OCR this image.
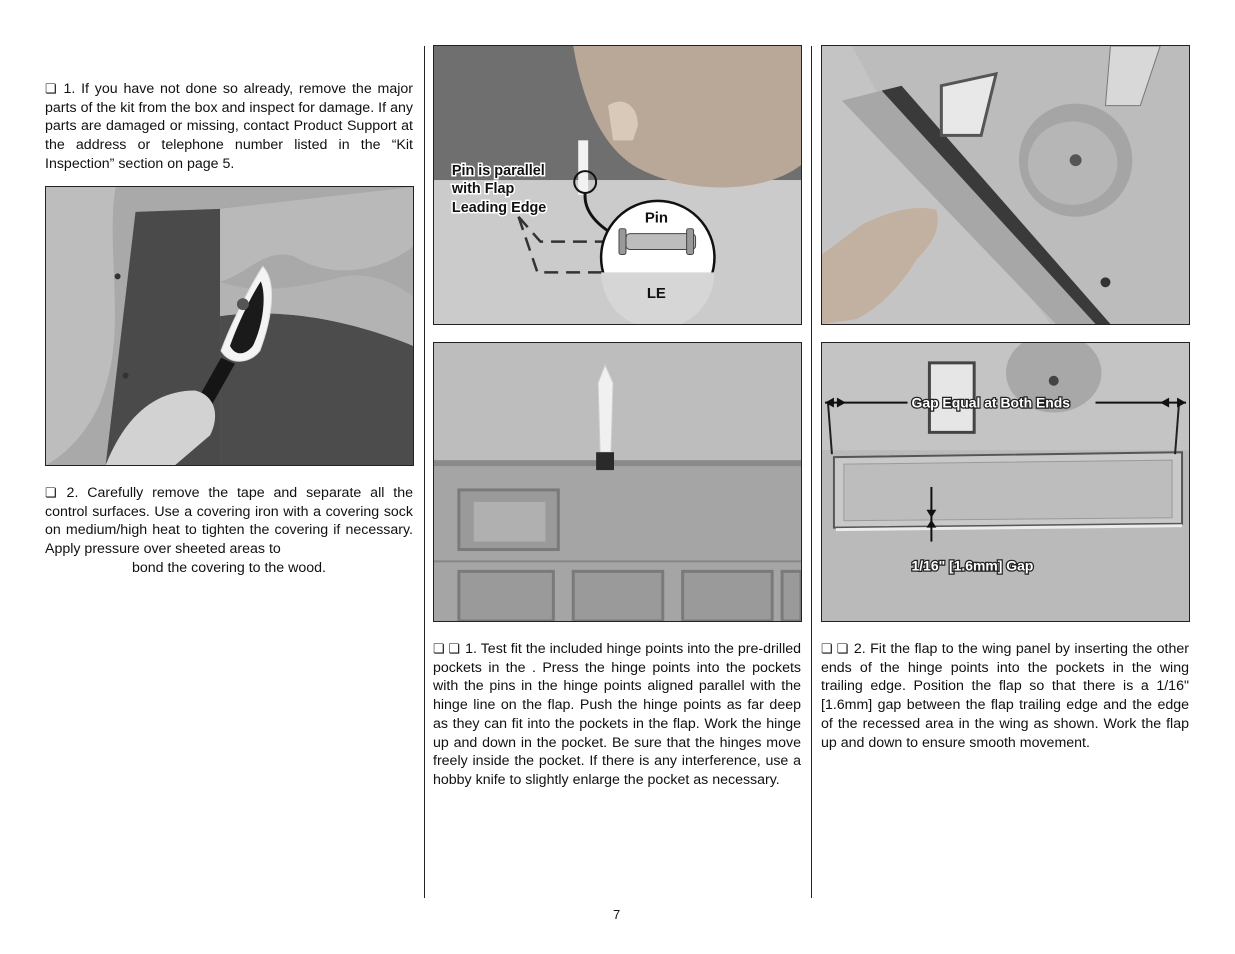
❏ 1. If you have not done so already, remove the major parts of the kit from the box and inspect for damage. If any parts are damaged or missing, contact Product Support at the address or telephone number listed in the “Kit Inspection” section on page 5.
❏ 2. Carefully remove the tape and separate all the control surfaces. Use a covering iron with a covering sock on medium/high heat to tighten the covering if necessary. Apply pressure over sheeted areas to
bond the covering to the wood.
Pin is parallel
with Flap
Leading Edge
Pin
LE
❏ ❏ 1. Test fit the included hinge points into the pre-drilled pockets in the . Press the hinge points into the pockets with the pins in the hinge points aligned parallel with the hinge line on the flap. Push the hinge points as far deep as they can fit into the pockets in the flap. Work the hinge up and down in the pocket. Be sure that the hinges move freely inside the pocket. If there is any interference, use a hobby knife to slightly enlarge the pocket as necessary.
Gap Equal at Both Ends
1/16" [1.6mm] Gap
❏ ❏ 2. Fit the flap to the wing panel by inserting the other ends of the hinge points into the pockets in the wing trailing edge. Position the flap so that there is a 1/16" [1.6mm] gap between the flap trailing edge and the edge of the recessed area in the wing as shown. Work the flap up and down to ensure smooth movement.
7
